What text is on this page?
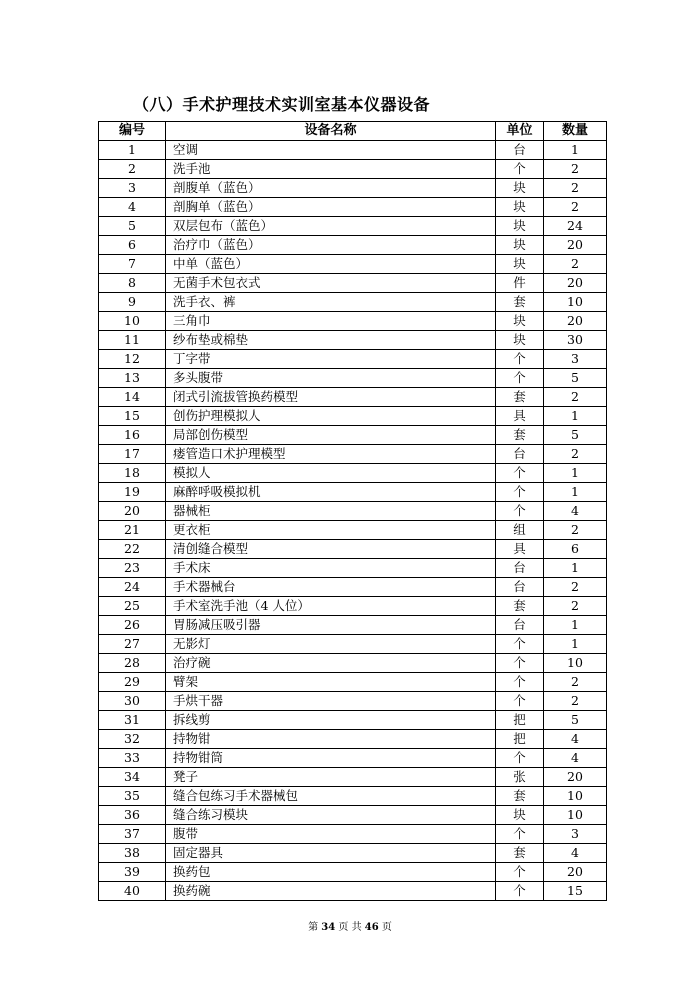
（八）手术护理技术实训室基本仪器设备
编号	设备名称	单位	数量
1	空调	台	1
2	洗手池	个	2
3	剖腹单（蓝色）	块	2
4	剖胸单（蓝色）	块	2
5	双层包布（蓝色）	块	24
6	治疗巾（蓝色）	块	20
7	中单（蓝色）	块	2
8	无菌手术包衣式	件	20
9	洗手衣、裤	套	10
10	三角巾	块	20
11	纱布垫或棉垫	块	30
12	丁字带	个	3
13	多头腹带	个	5
14	闭式引流拔管换药模型	套	2
15	创伤护理模拟人	具	1
16	局部创伤模型	套	5
17	瘘管造口术护理模型	台	2
18	模拟人	个	1
19	麻醉呼吸模拟机	个	1
20	器械柜	个	4
21	更衣柜	组	2
22	清创缝合模型	具	6
23	手术床	台	1
24	手术器械台	台	2
25	手术室洗手池（4 人位）	套	2
26	胃肠减压吸引器	台	1
27	无影灯	个	1
28	治疗碗	个	10
29	臂架	个	2
30	手烘干器	个	2
31	拆线剪	把	5
32	持物钳	把	4
33	持物钳筒	个	4
34	凳子	张	20
35	缝合包练习手术器械包	套	10
36	缝合练习模块	块	10
37	腹带	个	3
38	固定器具	套	4
39	换药包	个	20
40	换药碗	个	15
第 34 页 共 46 页
